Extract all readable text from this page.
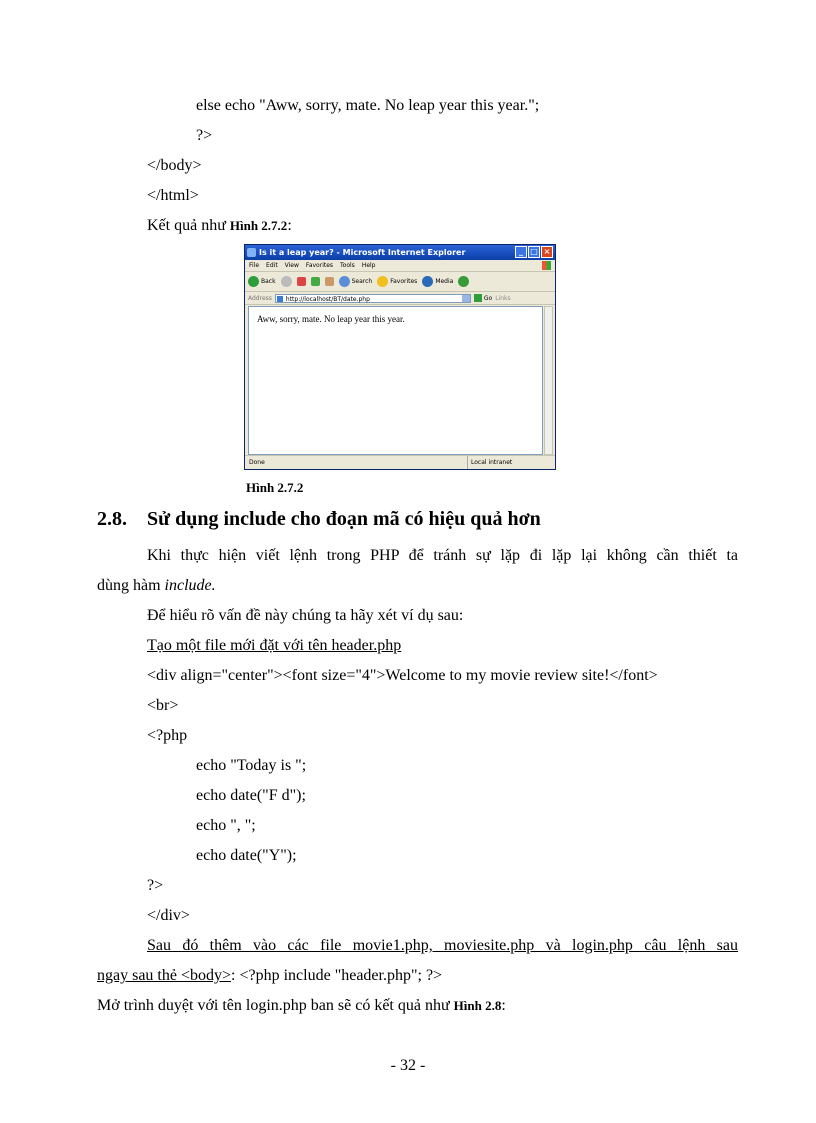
else echo "Aww, sorry, mate. No leap year this year.";
?>
</body>
</html>
Kết quả như Hình 2.7.2:
Is it a leap year? - Microsoft Internet Explorer	_ □ ×
File Edit View Favorites Tools Help
Back	Search	Favorites	Media
Address	http://localhost/BT/date.php	Go Links
Aww, sorry, mate. No leap year this year.
Done	Local intranet
Hình 2.7.2
2.8. Sử dụng include cho đoạn mã có hiệu quả hơn
Khi thực hiện viết lệnh trong PHP để tránh sự lặp đi lặp lại không cần thiết ta
dùng hàm include.
Để hiểu rõ vấn đề này chúng ta hãy xét ví dụ sau:
Tạo một file mới đặt với tên header.php
<div align="center"><font size="4">Welcome to my movie review site!</font>
<br>
<?php
echo "Today is ";
echo date("F d");
echo ", ";
echo date("Y");
?>
</div>
Sau đó thêm vào các file movie1.php, moviesite.php và login.php câu lệnh sau
ngay sau thẻ <body>: <?php include "header.php"; ?>
Mở trình duyệt với tên login.php ban sẽ có kết quả như Hình 2.8:
- 32 -
